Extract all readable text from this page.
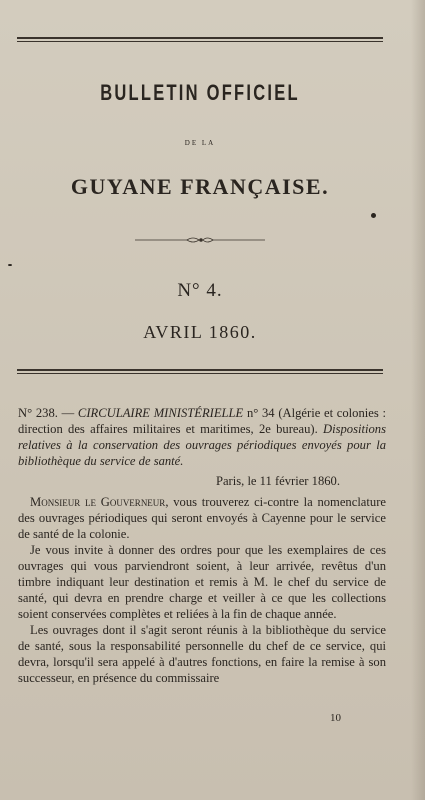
BULLETIN OFFICIEL
DE LA
GUYANE FRANÇAISE.
N° 4.
AVRIL 1860.

N° 238. — CIRCULAIRE MINISTÉRIELLE n° 34 (Algérie et colonies : direction des affaires militaires et maritimes, 2e bureau). Dispositions relatives à la conservation des ouvrages périodiques envoyés pour la bibliothèque du service de santé.

Paris, le 11 février 1860.

Monsieur le Gouverneur, vous trouverez ci-contre la nomenclature des ouvrages périodiques qui seront envoyés à Cayenne pour le service de santé de la colonie.

Je vous invite à donner des ordres pour que les exemplaires de ces ouvrages qui vous parviendront soient, à leur arrivée, revêtus d'un timbre indiquant leur destination et remis à M. le chef du service de santé, qui devra en prendre charge et veiller à ce que les collections soient conservées complètes et reliées à la fin de chaque année.

Les ouvrages dont il s'agit seront réunis à la bibliothèque du service de santé, sous la responsabilité personnelle du chef de ce service, qui devra, lorsqu'il sera appelé à d'autres fonctions, en faire la remise à son successeur, en présence du commissaire

10
